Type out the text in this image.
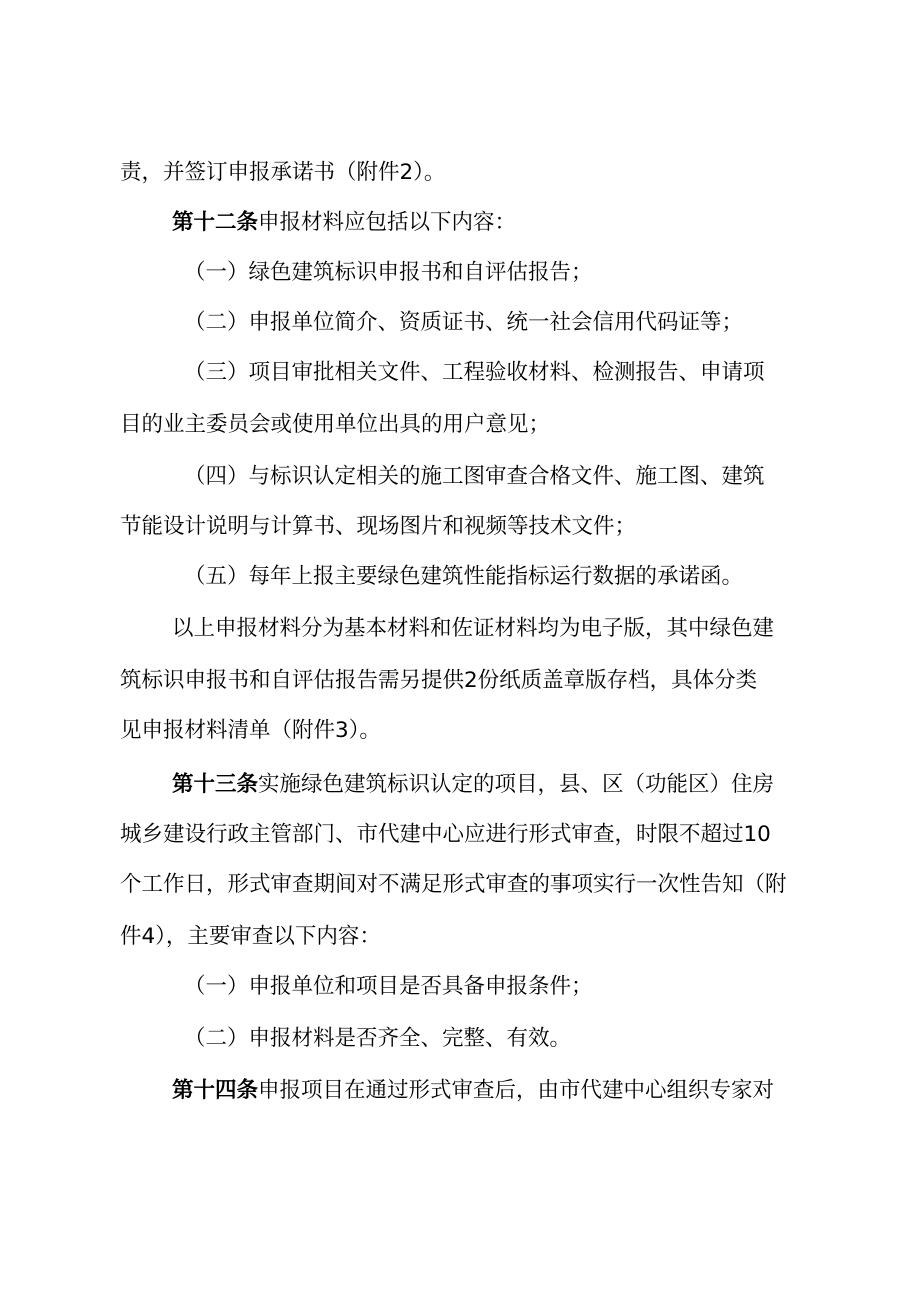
责，并签订申报承诺书（附件2）。
第十二条申报材料应包括以下内容：
（一）绿色建筑标识申报书和自评估报告；
（二）申报单位简介、资质证书、统一社会信用代码证等；
（三）项目审批相关文件、工程验收材料、检测报告、申请项
目的业主委员会或使用单位出具的用户意见；
（四）与标识认定相关的施工图审查合格文件、施工图、建筑
节能设计说明与计算书、现场图片和视频等技术文件；
（五）每年上报主要绿色建筑性能指标运行数据的承诺函。
以上申报材料分为基本材料和佐证材料均为电子版，其中绿色建
筑标识申报书和自评估报告需另提供2份纸质盖章版存档，具体分类
见申报材料清单（附件3）。
第十三条实施绿色建筑标识认定的项目，县、区（功能区）住房
城乡建设行政主管部门、市代建中心应进行形式审查，时限不超过10
个工作日，形式审查期间对不满足形式审查的事项实行一次性告知（附
件4），主要审查以下内容：
（一）申报单位和项目是否具备申报条件；
（二）申报材料是否齐全、完整、有效。
第十四条申报项目在通过形式审查后，由市代建中心组织专家对
